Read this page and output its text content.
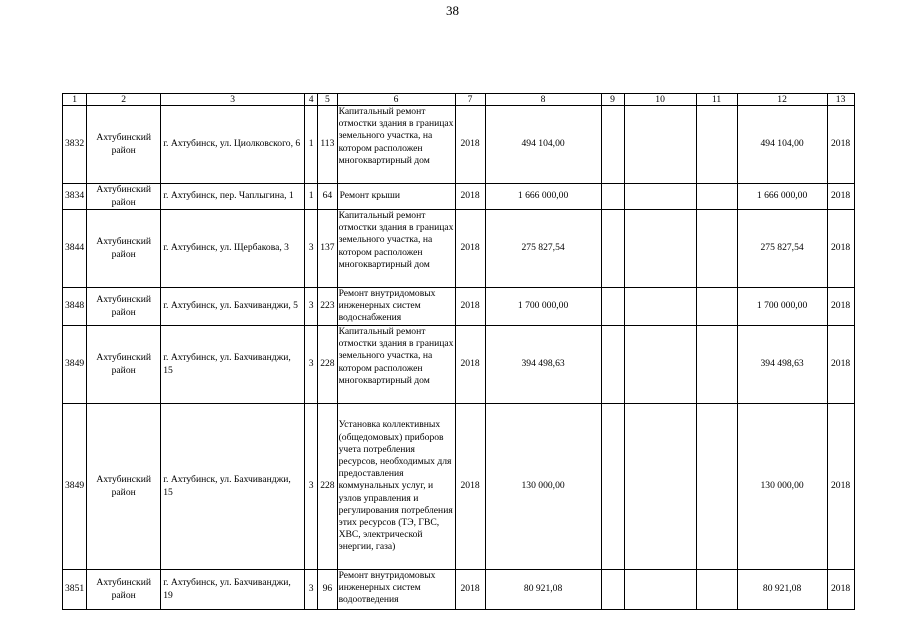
38
1	2	3	4	5	6	7	8	9	10	11	12	13
3832	Ахтубинский район	г. Ахтубинск, ул. Циолковского, 6	1	113	Капитальный ремонт отмостки здания в границах земельного участка, на котором расположен многоквартирный дом	2018	494 104,00				494 104,00	2018
3834	Ахтубинский район	г. Ахтубинск, пер. Чаплыгина, 1	1	64	Ремонт крыши	2018	1 666 000,00				1 666 000,00	2018
3844	Ахтубинский район	г. Ахтубинск, ул. Щербакова, 3	3	137	Капитальный ремонт отмостки здания в границах земельного участка, на котором расположен многоквартирный дом	2018	275 827,54				275 827,54	2018
3848	Ахтубинский район	г. Ахтубинск, ул. Бахчиванджи, 5	3	223	Ремонт внутридомовых инженерных систем водоснабжения	2018	1 700 000,00				1 700 000,00	2018
3849	Ахтубинский район	г. Ахтубинск, ул. Бахчиванджи, 15	3	228	Капитальный ремонт отмостки здания в границах земельного участка, на котором расположен многоквартирный дом	2018	394 498,63				394 498,63	2018
3849	Ахтубинский район	г. Ахтубинск, ул. Бахчиванджи, 15	3	228	Установка коллективных (общедомовых) приборов учета потребления ресурсов, необходимых для предоставления коммунальных услуг, и узлов управления и регулирования потребления этих ресурсов (ТЭ, ГВС, ХВС, электрической энергии, газа)	2018	130 000,00				130 000,00	2018
3851	Ахтубинский район	г. Ахтубинск, ул. Бахчиванджи, 19	3	96	Ремонт внутридомовых инженерных систем водоотведения	2018	80 921,08				80 921,08	2018
